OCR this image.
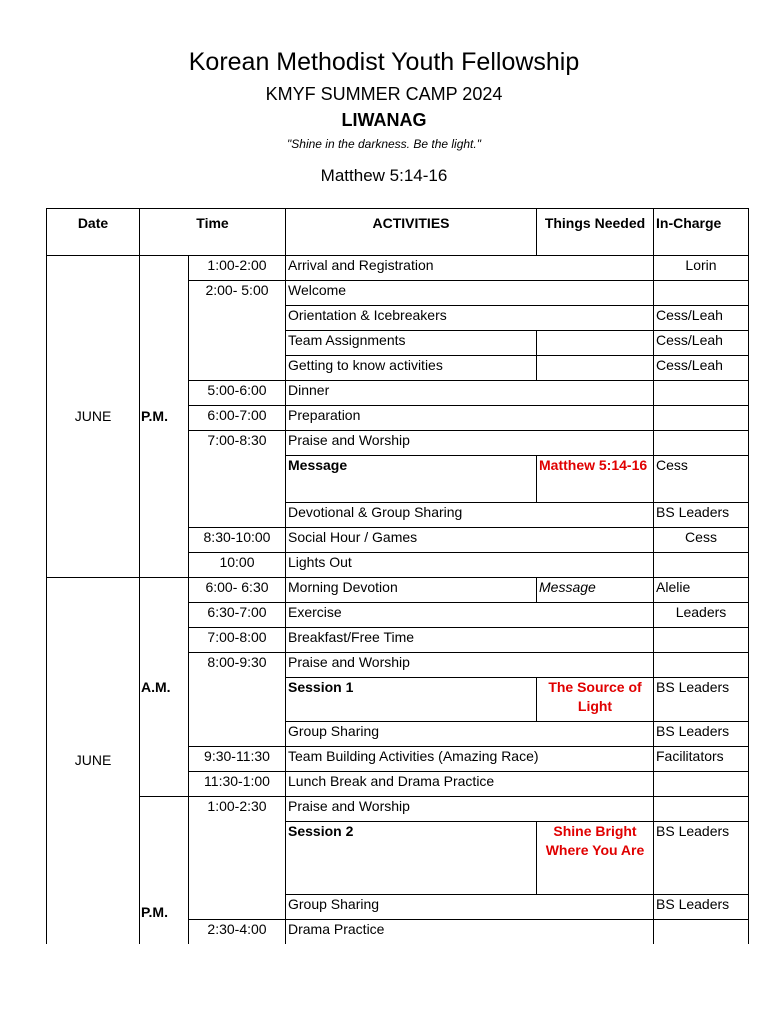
Korean Methodist Youth Fellowship
KMYF SUMMER CAMP 2024
LIWANAG
"Shine in the darkness. Be the light."
Matthew 5:14-16
Date	Time		ACTIVITIES	Things Needed	In-Charge
JUNE	P.M.	1:00-2:00	Arrival and Registration		Lorin
		2:00- 5:00	Welcome		
			Orientation & Icebreakers		Cess/Leah
			Team Assignments		Cess/Leah
			Getting to know activities		Cess/Leah
		5:00-6:00	Dinner		
		6:00-7:00	Preparation		
		7:00-8:30	Praise and Worship		
			Message	Matthew 5:14-16	Cess
			Devotional & Group Sharing		BS Leaders
		8:30-10:00	Social Hour / Games		Cess
		10:00	Lights Out		
JUNE	A.M.	6:00- 6:30	Morning Devotion	Message	Alelie
		6:30-7:00	Exercise		Leaders
		7:00-8:00	Breakfast/Free Time		
		8:00-9:30	Praise and Worship		
			Session 1	The Source of Light	BS Leaders
			Group Sharing		BS Leaders
		9:30-11:30	Team Building Activities (Amazing Race)		Facilitators
		11:30-1:00	Lunch Break and Drama Practice		
	P.M.	1:00-2:30	Praise and Worship		
			Session 2	Shine Bright Where You Are	BS Leaders
			Group Sharing		BS Leaders
		2:30-4:00	Drama Practice		
